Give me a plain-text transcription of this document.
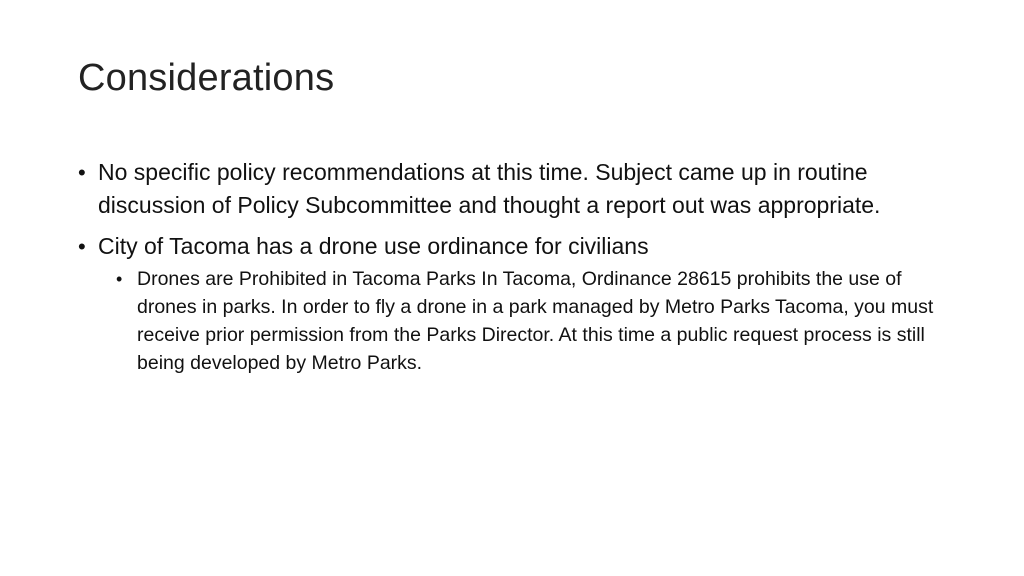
Considerations
• No specific policy recommendations at this time. Subject came up in routine discussion of Policy Subcommittee and thought a report out was appropriate.
• City of Tacoma has a drone use ordinance for civilians
• Drones are Prohibited in Tacoma Parks In Tacoma, Ordinance 28615 prohibits the use of drones in parks. In order to fly a drone in a park managed by Metro Parks Tacoma, you must receive prior permission from the Parks Director. At this time a public request process is still being developed by Metro Parks.
